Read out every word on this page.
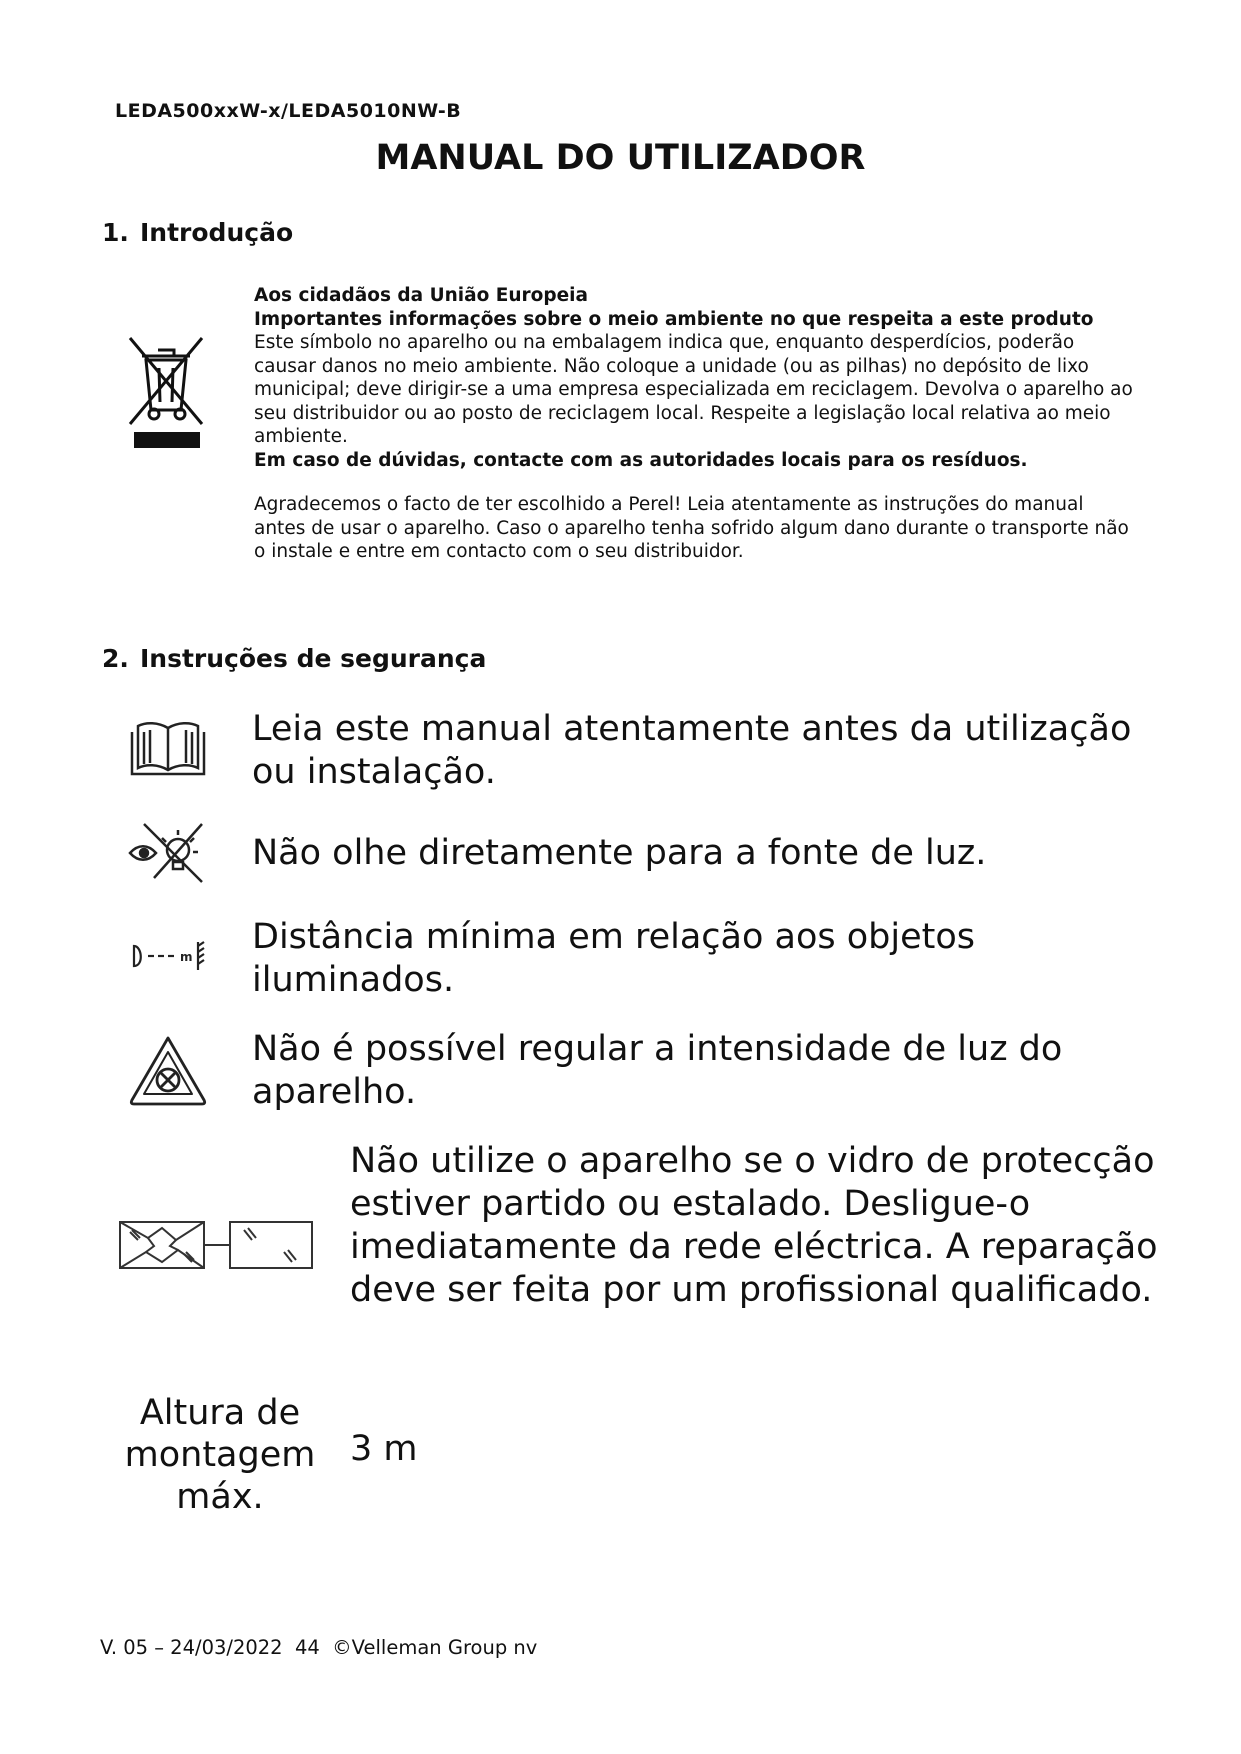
LEDA500xxW-x/LEDA5010NW-B
MANUAL DO UTILIZADOR
1. Introdução

Aos cidadãos da União Europeia

Importantes informações sobre o meio ambiente no que respeita a este produto

Este símbolo no aparelho ou na embalagem indica que, enquanto desperdícios, poderão causar danos no meio ambiente. Não coloque a unidade (ou as pilhas) no depósito de lixo municipal; deve dirigir-se a uma empresa especializada em reciclagem. Devolva o aparelho ao seu distribuidor ou ao posto de reciclagem local. Respeite a legislação local relativa ao meio ambiente.

Em caso de dúvidas, contacte com as autoridades locais para os resíduos.

Agradecemos o facto de ter escolhido a Perel! Leia atentamente as instruções do manual antes de usar o aparelho. Caso o aparelho tenha sofrido algum dano durante o transporte não o instale e entre em contacto com o seu distribuidor.

2. Instruções de segurança
Leia este manual atentamente antes da utilização ou instalação.
Não olhe diretamente para a fonte de luz.
m Distância mínima em relação aos objetos iluminados.
Não é possível regular a intensidade de luz do aparelho.
Não utilize o aparelho se o vidro de protecção estiver partido ou estalado. Desligue-o imediatamente da rede eléctrica. A reparação deve ser feita por um profissional qualificado.
Altura de montagem máx.
3 m
V. 05 – 24/03/2022  44  ©Velleman Group nv
